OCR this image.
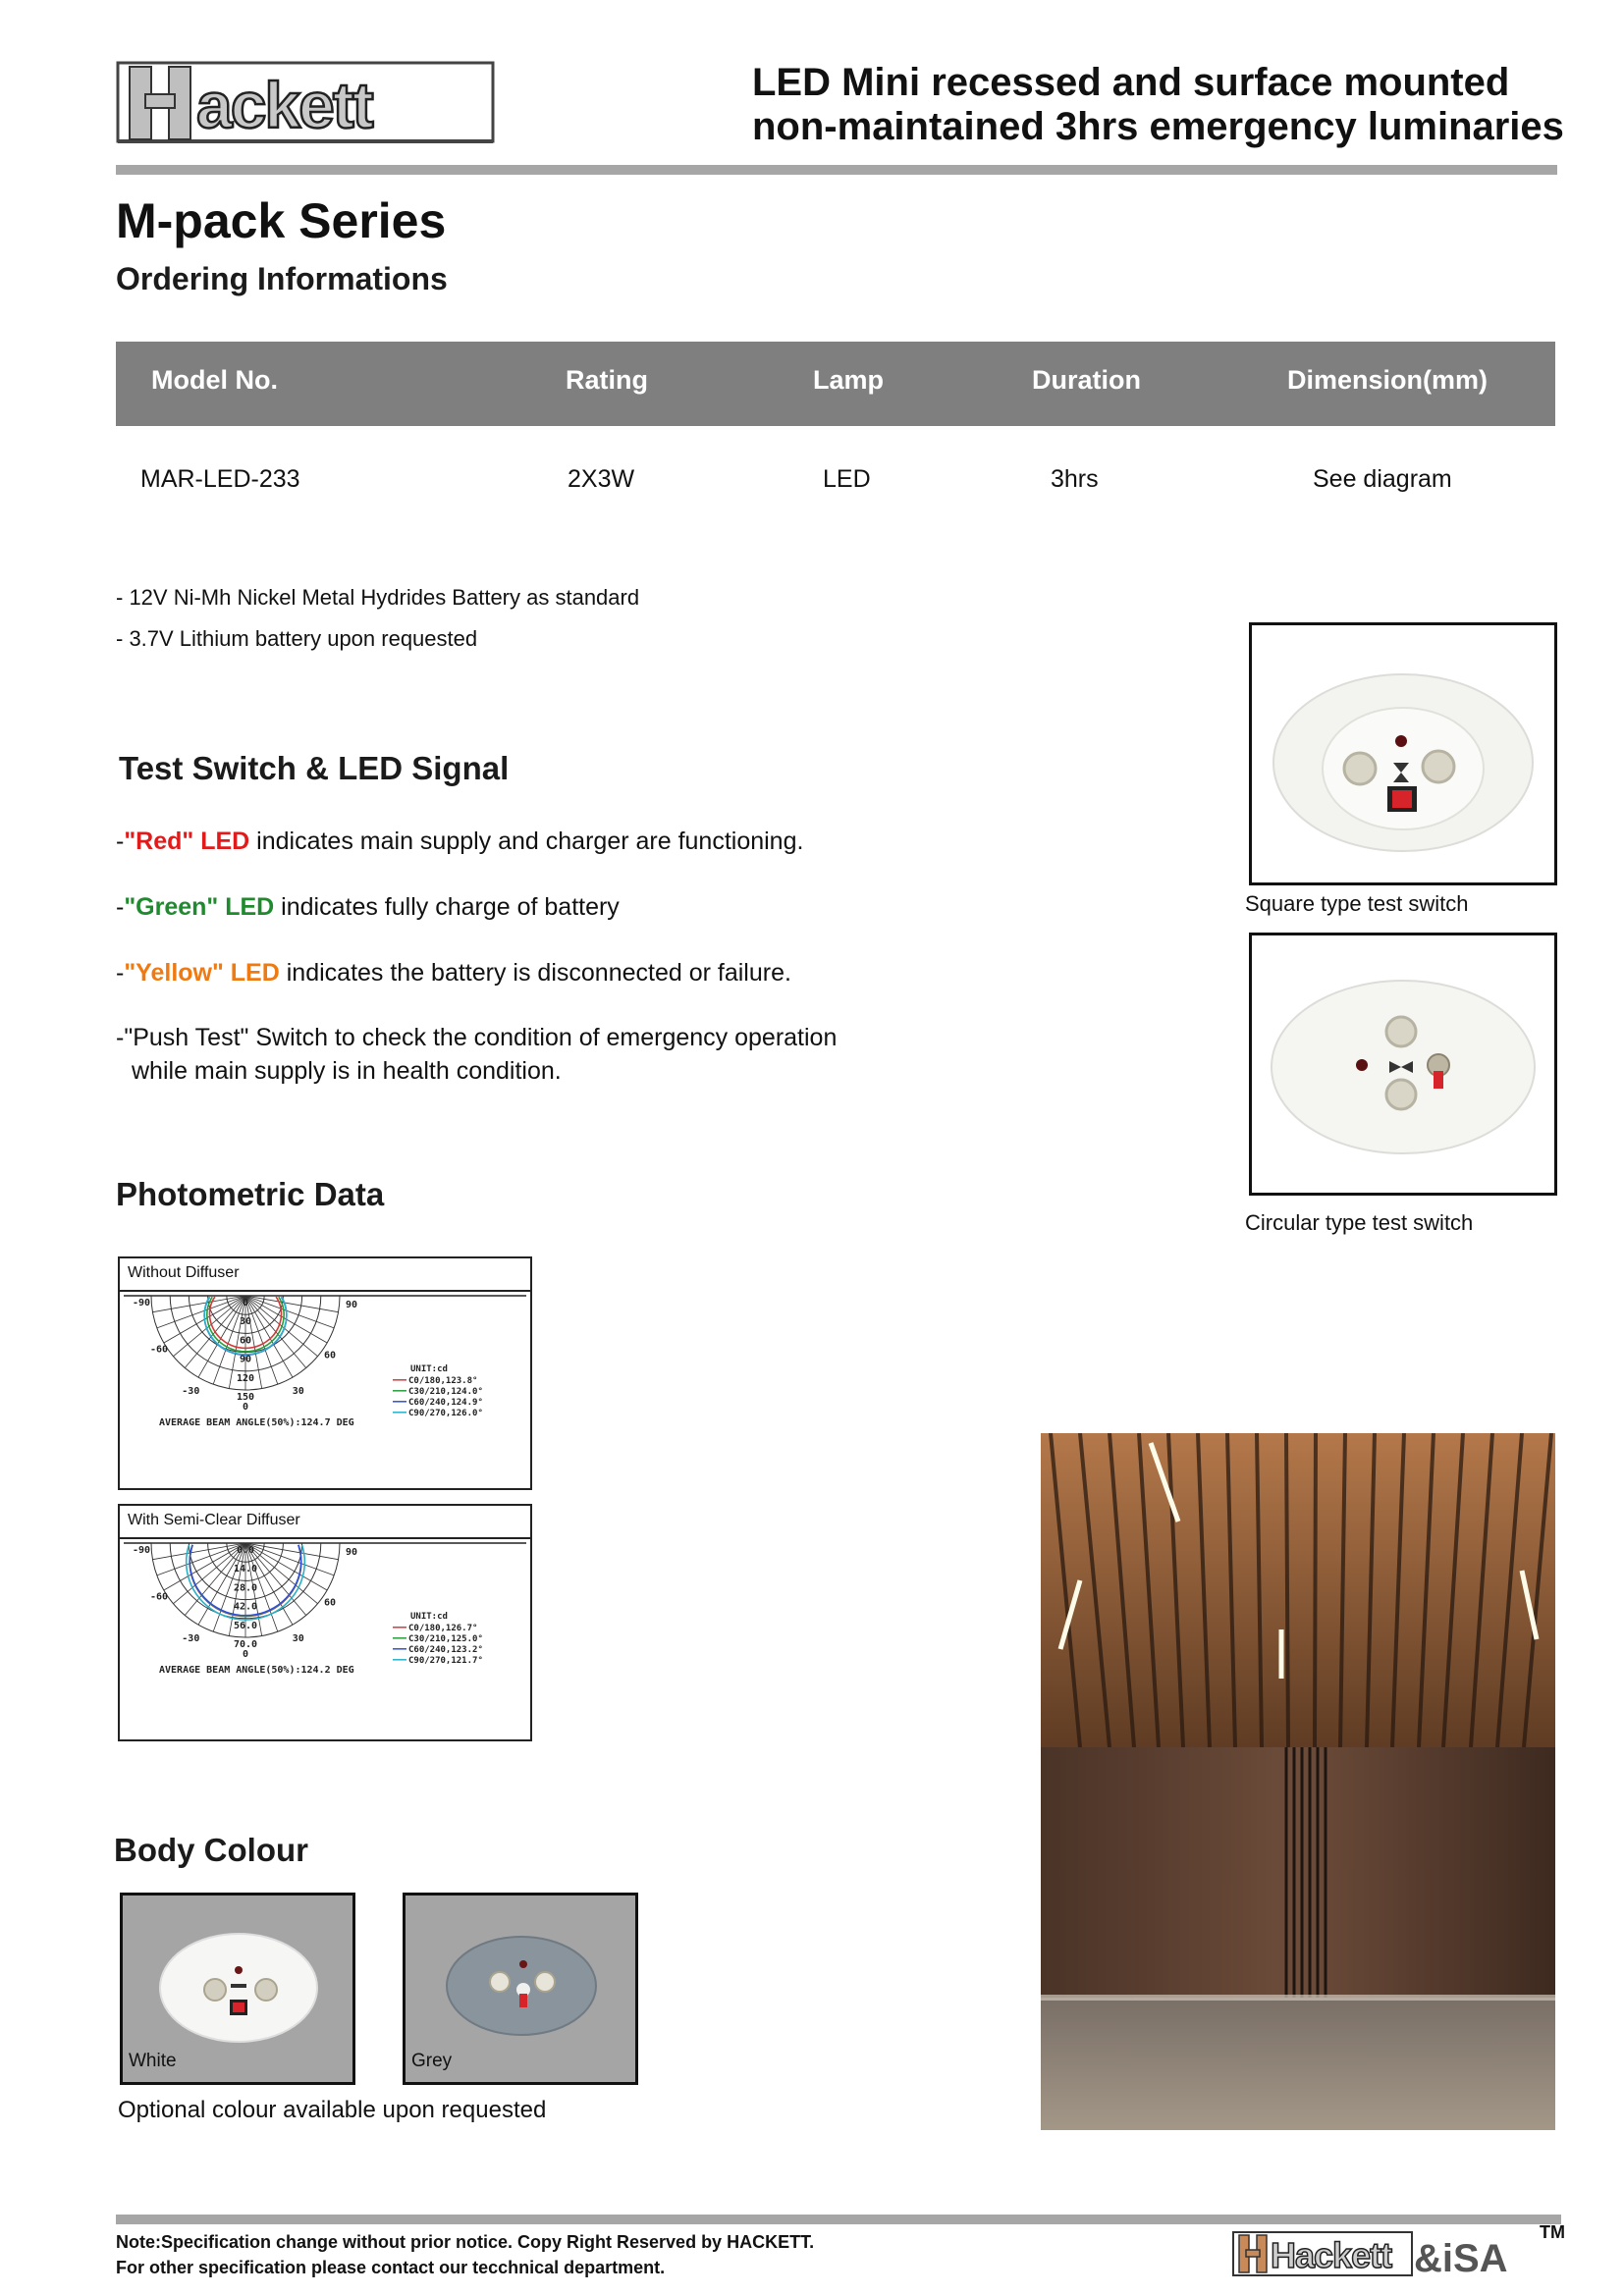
ackett	LED Mini recessed and surface mounted
non-maintained 3hrs emergency luminaries
M-pack Series
Ordering Informations
Model No.	Rating	Lamp	Duration	Dimension(mm)
MAR-LED-233	2X3W	LED	3hrs	See diagram
- 12V Ni-Mh Nickel Metal Hydrides Battery as standard
- 3.7V Lithium battery upon requested
Test Switch & LED Signal
-"Red" LED indicates main supply and charger are functioning.
-"Green" LED indicates fully charge of battery
-"Yellow" LED indicates the battery is disconnected or failure.
-"Push Test" Switch to check the condition of emergency operation
while main supply is in health condition.
Square type test switch
Circular type test switch
Photometric Data
Without Diffuser
0
30
60
90
120
150
-90	90
-60
60
-30	30
0
UNIT:cd
C0/180,123.8°
C30/210,124.0°
C60/240,124.9°
C90/270,126.0°
AVERAGE BEAM ANGLE(50%):124.7 DEG
With Semi-Clear Diffuser
0.0
14.0
28.0
42.0
56.0
70.0
-90	90
-60
60
-30	30
0
UNIT:cd
C0/180,126.7°
C30/210,125.0°
C60/240,123.2°
C90/270,121.7°
AVERAGE BEAM ANGLE(50%):124.2 DEG
Body Colour
White	Grey
Optional colour available upon requested
Note:Specification change without prior notice. Copy Right Reserved by HACKETT.
For other specification please contact our tecchnical department.	Hackett &iSA
TM
